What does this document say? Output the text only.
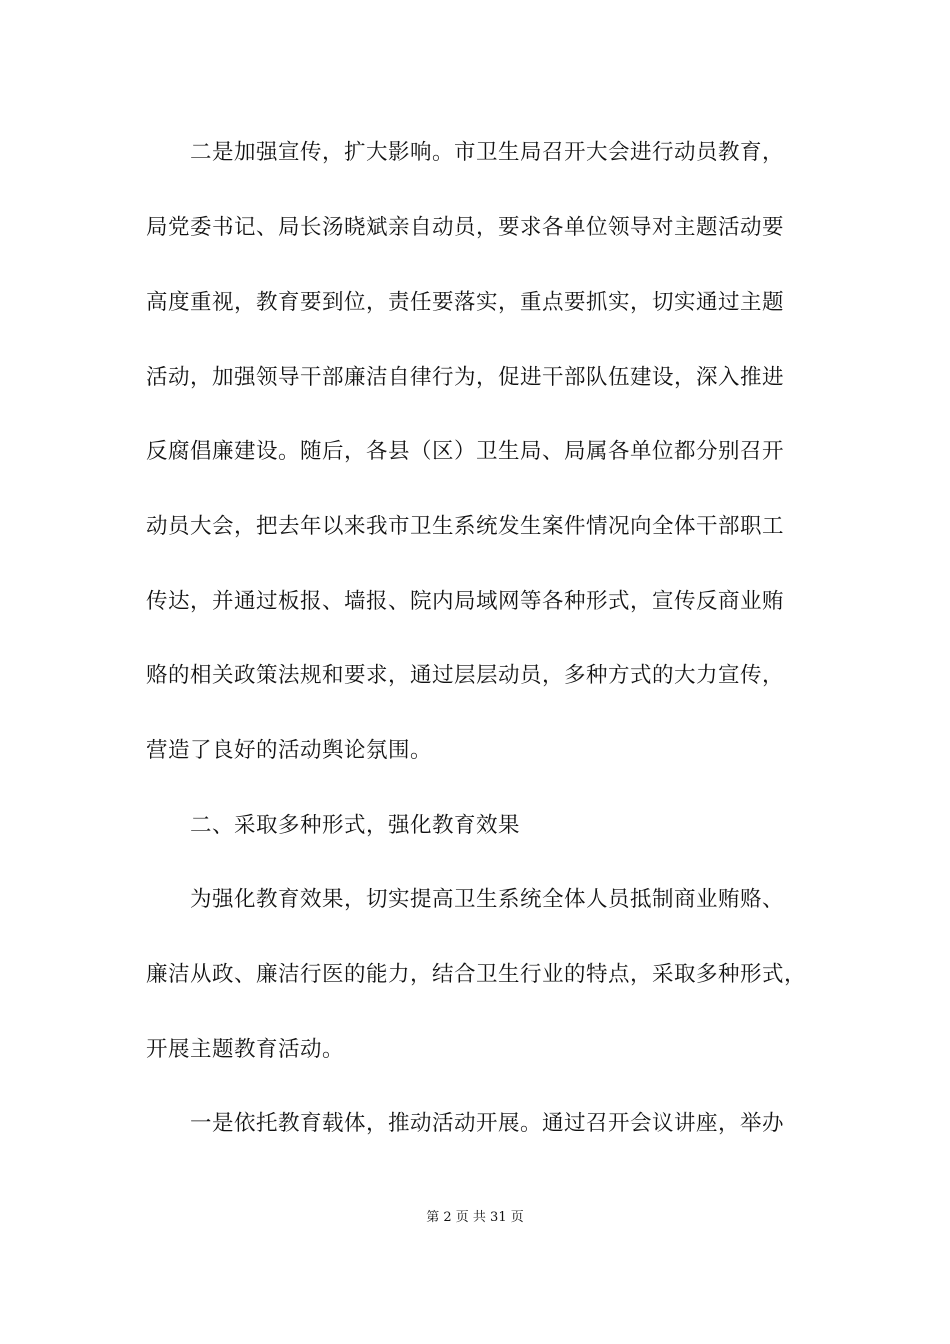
二是加强宣传，扩大影响。市卫生局召开大会进行动员教育，
局党委书记、局长汤晓斌亲自动员，要求各单位领导对主题活动要
高度重视，教育要到位，责任要落实，重点要抓实，切实通过主题
活动，加强领导干部廉洁自律行为，促进干部队伍建设，深入推进
反腐倡廉建设。随后，各县（区）卫生局、局属各单位都分别召开
动员大会，把去年以来我市卫生系统发生案件情况向全体干部职工
传达，并通过板报、墙报、院内局域网等各种形式，宣传反商业贿
赂的相关政策法规和要求，通过层层动员，多种方式的大力宣传，
营造了良好的活动舆论氛围。
二、采取多种形式，强化教育效果
为强化教育效果，切实提高卫生系统全体人员抵制商业贿赂、
廉洁从政、廉洁行医的能力，结合卫生行业的特点，采取多种形式，
开展主题教育活动。
一是依托教育载体，推动活动开展。通过召开会议讲座，举办
第 2 页 共 31 页
